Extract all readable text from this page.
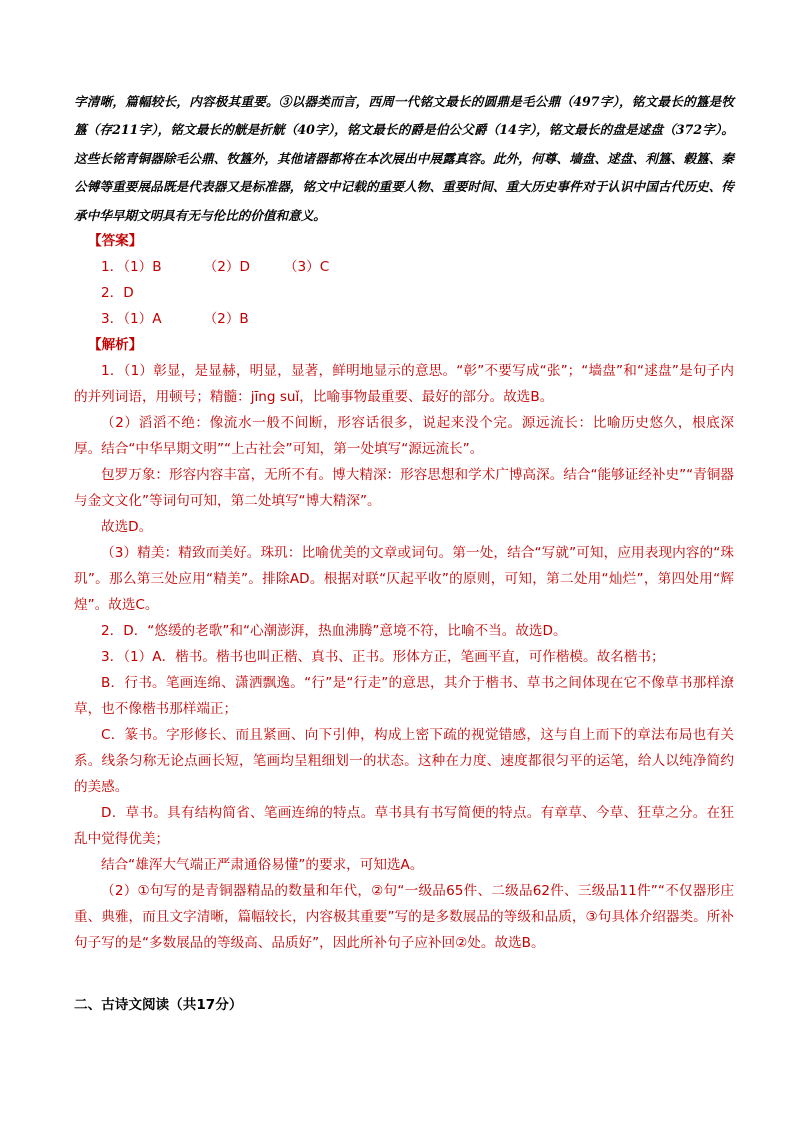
字清晰，篇幅较长，内容极其重要。③以器类而言，西周一代铭文最长的圆鼎是毛公鼎（497字），铭文最长的簋是牧簋（存211字），铭文最长的觥是折觥（40字），铭文最长的爵是伯公父爵（14字），铭文最长的盘是逑盘（372字）。这些长铭青铜器除毛公鼎、牧簋外，其他诸器都将在本次展出中展露真容。此外，何尊、墙盘、逑盘、利簋、毂簋、秦公镈等重要展品既是代表器又是标准器，铭文中记载的重要人物、重要时间、重大历史事件对于认识中国古代历史、传承中华早期文明具有无与伦比的价值和意义。

【答案】

1．（1）B	（2）D	（3）C

2．D

3．（1）A	（2）B

【解析】

1．（1）彰显，是显赫，明显，显著，鲜明地显示的意思。“彰”不要写成“张”；“墙盘”和“逑盘”是句子内的并列词语，用顿号；精髓：jīng suǐ，比喻事物最重要、最好的部分。故选B。

（2）滔滔不绝：像流水一般不间断，形容话很多，说起来没个完。源远流长：比喻历史悠久，根底深厚。结合“中华早期文明”“上古社会”可知，第一处填写“源远流长”。

包罗万象：形容内容丰富，无所不有。博大精深：形容思想和学术广博高深。结合“能够证经补史”“青铜器与金文文化”等词句可知，第二处填写“博大精深”。

故选D。

（3）精美：精致而美好。珠玑：比喻优美的文章或词句。第一处，结合“写就”可知，应用表现内容的“珠玑”。那么第三处应用“精美”。排除AD。根据对联“仄起平收”的原则，可知，第二处用“灿烂”，第四处用“辉煌”。故选C。

2．D．“悠缓的老歌”和“心潮澎湃，热血沸腾”意境不符，比喻不当。故选D。

3．（1）A．楷书。楷书也叫正楷、真书、正书。形体方正，笔画平直，可作楷模。故名楷书；

B．行书。笔画连绵、潇洒飘逸。“行”是“行走”的意思，其介于楷书、草书之间体现在它不像草书那样潦草，也不像楷书那样端正；

C．篆书。字形修长、而且紧画、向下引伸，构成上密下疏的视觉错感，这与自上而下的章法布局也有关系。线条匀称无论点画长短，笔画均呈粗细划一的状态。这种在力度、速度都很匀平的运笔，给人以纯净简约的美感。

D．草书。具有结构简省、笔画连绵的特点。草书具有书写简便的特点。有章草、今草、狂草之分。在狂乱中觉得优美；

结合“雄浑大气端正严肃通俗易懂”的要求，可知选A。

（2）①句写的是青铜器精品的数量和年代，②句“一级品65件、二级品62件、三级品11件”“不仅器形庄重、典雅，而且文字清晰，篇幅较长，内容极其重要”写的是多数展品的等级和品质，③句具体介绍器类。所补句子写的是“多数展品的等级高、品质好”，因此所补句子应补回②处。故选B。

二、古诗文阅读（共17分）
